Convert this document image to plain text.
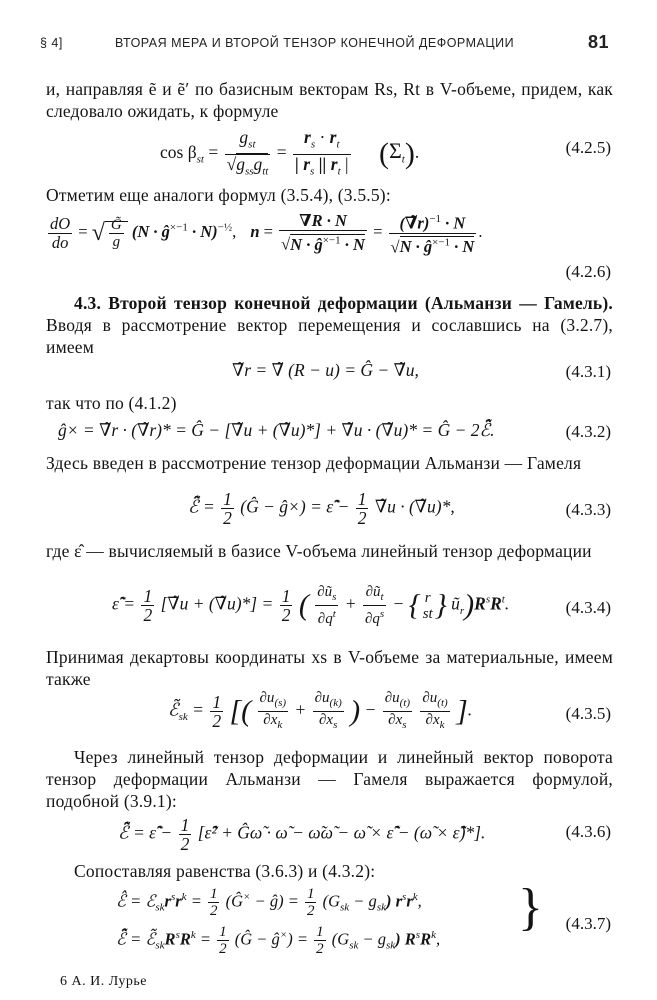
§ 4]	ВТОРАЯ МЕРА И ВТОРОЙ ТЕНЗОР КОНЕЧНОЙ ДЕФОРМАЦИИ	81
и, направляя ẽ и ẽ′ по базисным векторам Rs, Rt в V-объеме, придем, как следовало ожидать, к формуле
$\cos \beta_{st} = \frac{g_{st}}{√g_{ss}g_{tt}} = \frac{r_s \cdot r_t}{| r_s || r_t |} (\Sigma_t)$.	(4.2.5)
Отметим еще аналоги формул (3.5.4), (3.5.5):
$\frac{dO}{do}$ = √ $\frac{G̃}{g} (N$ · $ĝ^{\times-1} \cdot N)^{-\frac{1}{2}}$, $n = \frac{\nabla R \cdot N}{√N \cdot ĝ^{\times-1} \cdot N} = \frac{(\nablãr)^{-1} \cdot N}{√N \cdot ĝ^{\times-1} \cdot N}$ .
(4.2.6)
4.3. Второй тензор конечной деформации (Альманзи — Гамель). Вводя в рассмотрение вектор перемещения и сославшись на (3.2.7), имеем
∇̃r = ∇̃ (R − u) = Ĝ − ∇̃u,	(4.3.1)
так что по (4.1.2)
ĝ× = ∇̃r · (∇̃r)* = Ĝ − [∇̃u + (∇̃u)*] + ∇̃u · (∇̃u)* = Ĝ − 2ℰ̂̃.	(4.3.2)
Здесь введен в рассмотрение тензор деформации Альманзи — Гамеля
ℰ̂̃ = $\frac{1}{2}$ (Ĝ − ĝ×) = ε̂̃ − $\frac{1}{2}$ ∇̃u · (∇̃u)*,	(4.3.3)
где ε̂ — вычисляемый в базисе V-объема линейный тензор деформации
ε̂̃ = $\frac{1}{2}$ [∇̃u + (∇̃u)*] = $\frac{1}{2}$ ( $\frac{\partial ũ_s}{\partial q^t} + \frac{\partial ũ_t}{\partial q^s}$ − { r
st } $ũ_r)R^sR^t$.	(4.3.4)
Принимая декартовы координаты xs в V-объеме за материальные, имеем также
$ℰ̃_{sk} = \frac{1}{2}$ [( $\frac{\partial u_{(s)}}{\partial x_k} + \frac{\partial u_{(k)}}{\partial x_s}$ ) − $\frac{\partial u_{(t)}}{\partial x_s}$
$\frac{\partial u_{(t)}}{\partial x_k}$ ].	(4.3.5)
Через линейный тензор деформации и линейный вектор поворота тензор деформации Альманзи — Гамеля выражается формулой, подобной (3.9.1):
ℰ̂̃ = ε̂̃ − $\frac{1}{2}$ [ε̂̃² + Ĝω̃ · ω̃ − ω̃ω̃ − ω̃ × ε̂̃ − (ω̃ × ε̂̃)*].	(4.3.6)
Сопоставляя равенства (3.6.3) и (4.3.2):
ℰ̂ = $ℰ_{sk}r^sr^k = \frac{1}{2}$ (Ĝ× − ĝ) = $\frac{1}{2} (G_{sk} - g_{sk})$ $r^sr^k$,
ℰ̂̃ = $ℰ̃_{sk}R^sR^k = \frac{1}{2}$ (Ĝ − ĝ×) = $\frac{1}{2} (G_{sk} - g_{sk})$ $R^sR^k$,
} (4.3.7)
6 А. И. Лурье
